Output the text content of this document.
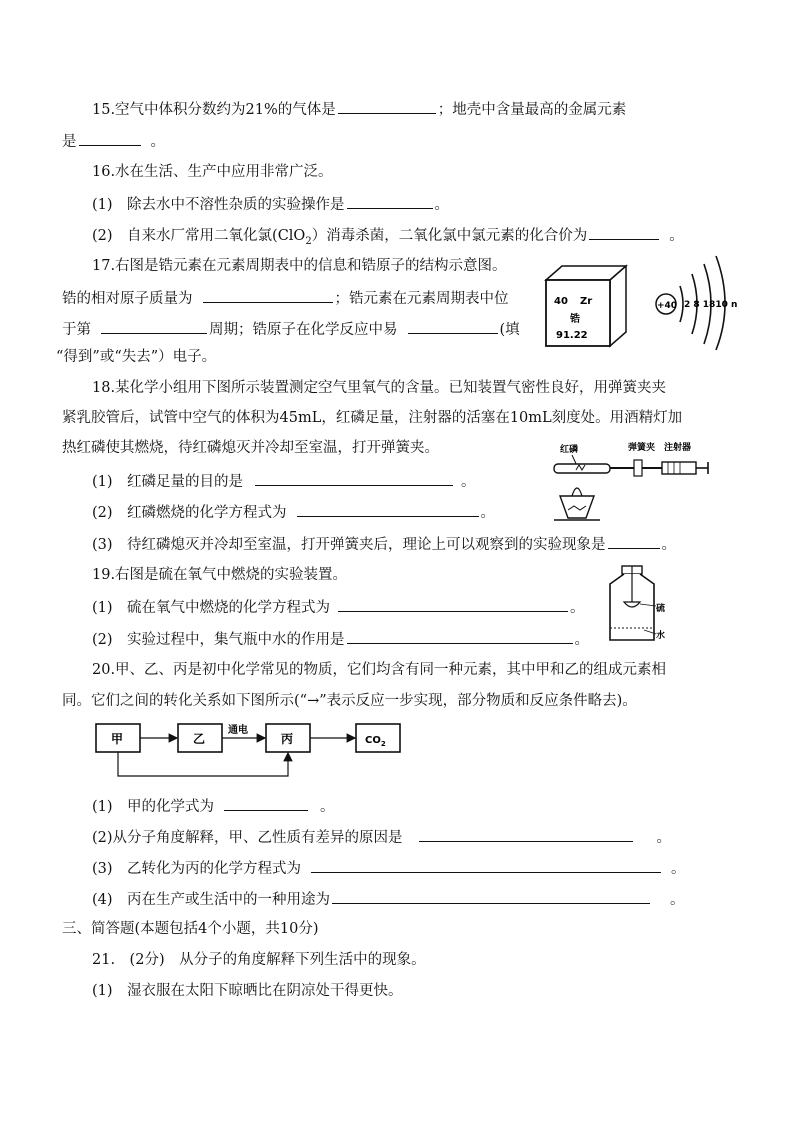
15.空气中体积分数约为21%的气体是	；地壳中含量最高的金属元素
是	。
16.水在生活、生产中应用非常广泛。
(1)　除去水中不溶性杂质的实验操作是	。
(2)　自来水厂常用二氧化氯(ClO$_2$）消毒杀菌，二氧化氯中氯元素的化合价为	。
17.右图是锆元素在元素周期表中的信息和锆原子的结构示意图。
锆的相对原子质量为	；锆元素在元素周期表中位
于第	周期；锆原子在化学反应中易	(填
“得到”或“失去”）电子。
40 Zr
锆
91.22
+40 2 8 1810 n
18.某化学小组用下图所示装置测定空气里氧气的含量。已知装置气密性良好，用弹簧夹夹
紧乳胶管后，试管中空气的体积为45mL，红磷足量，注射器的活塞在10mL刻度处。用酒精灯加
热红磷使其燃烧，待红磷熄灭并冷却至室温，打开弹簧夹。
(1)　红磷足量的目的是	。
(2)　红磷燃烧的化学方程式为	。
(3)　待红磷熄灭并冷却至室温，打开弹簧夹后，理论上可以观察到的实验现象是	。
红磷	弹簧夹 注射器
19.右图是硫在氧气中燃烧的实验装置。
(1)　硫在氧气中燃烧的化学方程式为	。
(2)　实验过程中，集气瓶中水的作用是	。
硫
水
20.甲、乙、丙是初中化学常见的物质，它们均含有同一种元素，其中甲和乙的组成元素相
同。它们之间的转化关系如下图所示(“→”表示反应一步实现，部分物质和反应条件略去)。
甲	乙	丙	$CO_2$
通电
(1)　甲的化学式为	。
(2)从分子角度解释，甲、乙性质有差异的原因是	。
(3)　乙转化为丙的化学方程式为	。
(4)　丙在生产或生活中的一种用途为	。
三、简答题(本题包括4个小题，共10分)
21.　(2分)　从分子的角度解释下列生活中的现象。
(1)　湿衣服在太阳下晾晒比在阴凉处干得更快。
